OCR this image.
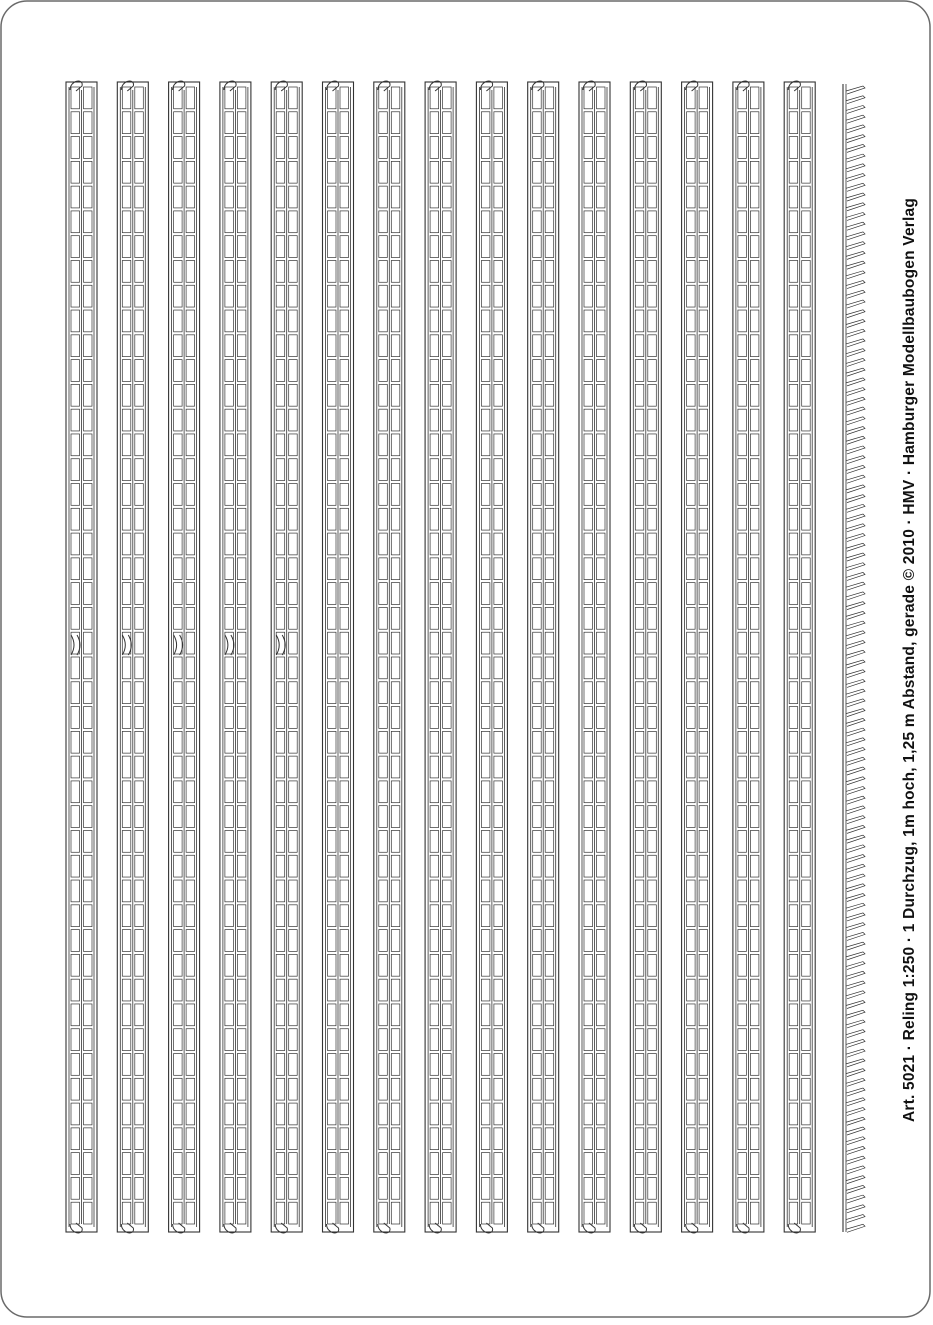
Art. 5021 · Reling 1:250 · 1 Durchzug, 1m hoch, 1,25 m Abstand, gerade © 2010 · HMV · Hamburger Modellbaubogen Verlag
